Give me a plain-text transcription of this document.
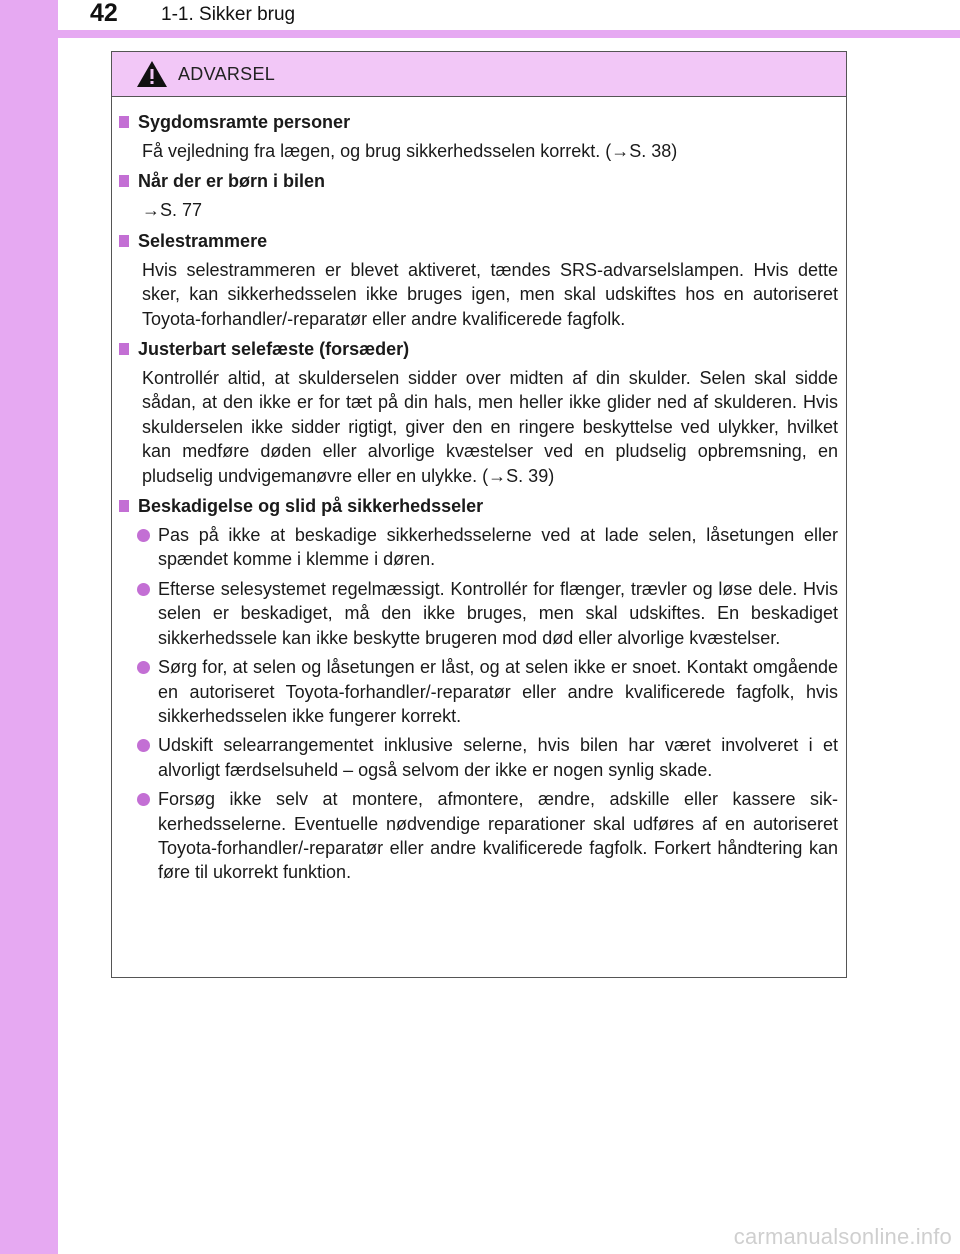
42	1-1. Sikker brug
ADVARSEL
Sygdomsramte personer
Få vejledning fra lægen, og brug sikkerhedsselen korrekt. (→S. 38)
Når der er børn i bilen
→S. 77
Selestrammere
Hvis selestrammeren er blevet aktiveret, tændes SRS-advarselslampen. Hvis dette sker, kan sikkerhedsselen ikke bruges igen, men skal udskiftes hos en autoriseret Toyota-forhandler/-reparatør eller andre kvalificerede fagfolk.
Justerbart selefæste (forsæder)
Kontrollér altid, at skulderselen sidder over midten af din skulder. Selen skal sidde sådan, at den ikke er for tæt på din hals, men heller ikke glider ned af skulderen. Hvis skulderselen ikke sidder rigtigt, giver den en ringere beskyttelse ved ulykker, hvilket kan medføre døden eller alvorlige kvæstelser ved en pludselig opbremsning, en pludselig undvigemanøvre eller en ulykke. (→S. 39)
Beskadigelse og slid på sikkerhedsseler
Pas på ikke at beskadige sikkerhedsselerne ved at lade selen, låsetungen eller spændet komme i klemme i døren.
Efterse selesystemet regelmæssigt. Kontrollér for flænger, trævler og løse dele. Hvis selen er beskadiget, må den ikke bruges, men skal udskiftes. En beskadiget sikkerhedssele kan ikke beskytte brugeren mod død eller alvorlige kvæstelser.
Sørg for, at selen og låsetungen er låst, og at selen ikke er snoet. Kontakt omgående en autoriseret Toyota-forhandler/-reparatør eller andre kvalificerede fagfolk, hvis sikkerhedsselen ikke fungerer korrekt.
Udskift selearrangementet inklusive selerne, hvis bilen har været involveret i et alvorligt færdselsuheld – også selvom der ikke er nogen synlig skade.
Forsøg ikke selv at montere, afmontere, ændre, adskille eller kassere sikkerhedsselerne. Eventuelle nødvendige reparationer skal udføres af en autoriseret Toyota-forhandler/-reparatør eller andre kvalificerede fagfolk. Forkert håndtering kan føre til ukorrekt funktion.
carmanualsonline.info
